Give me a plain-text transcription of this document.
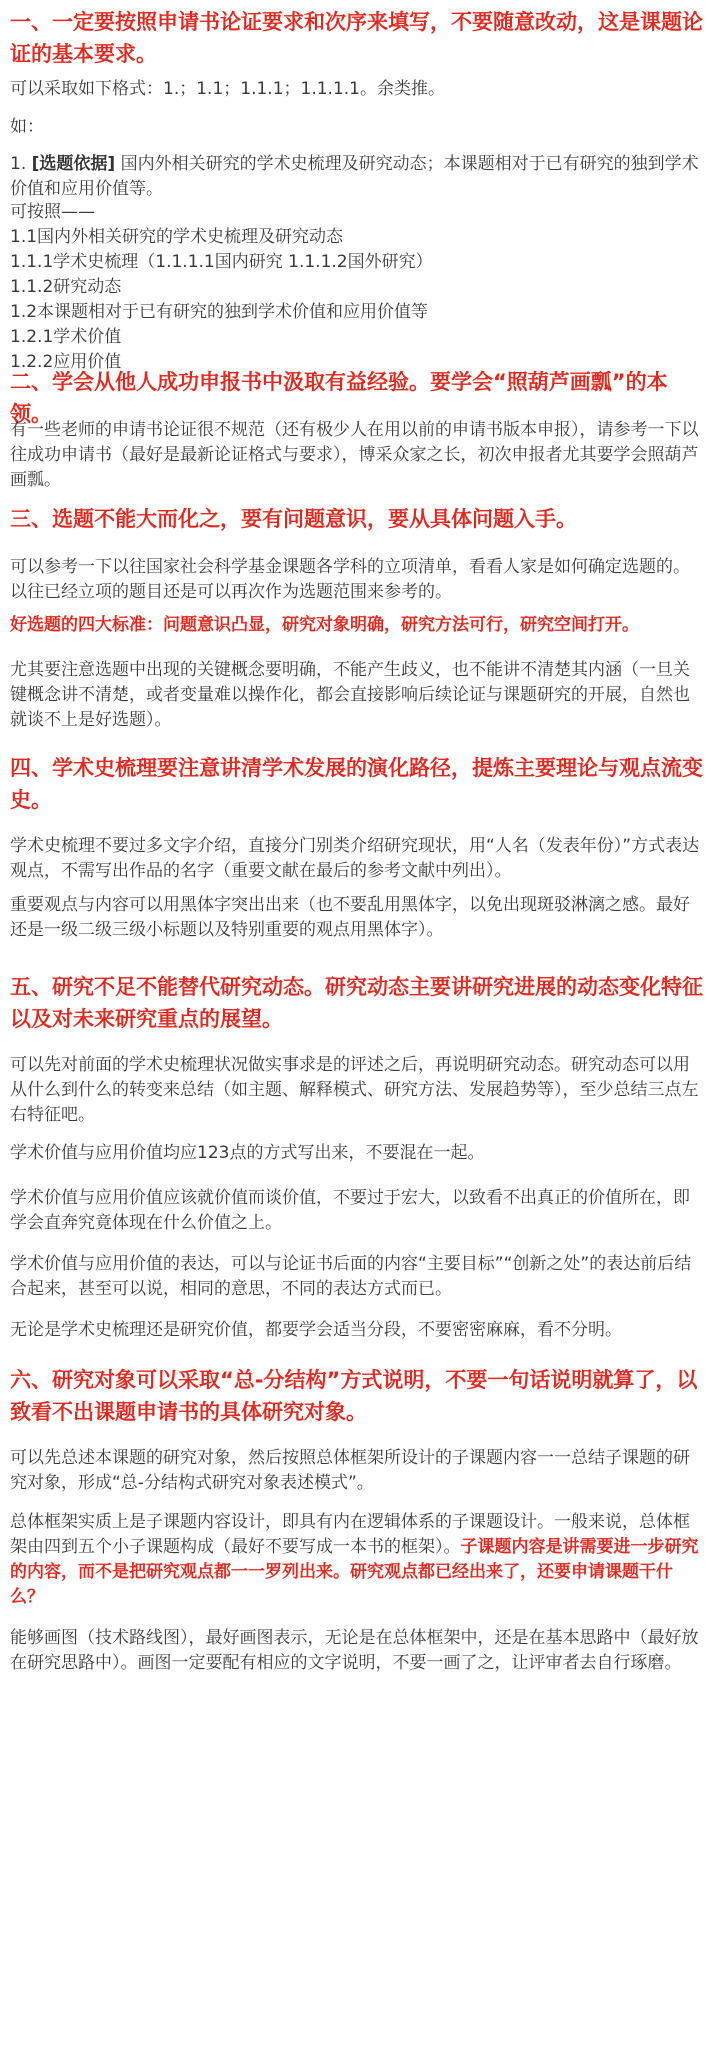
一、一定要按照申请书论证要求和次序来填写，不要随意改动，这是课题论证的基本要求。
可以采取如下格式：1.；1.1；1.1.1；1.1.1.1。余类推。
如：
1. [选题依据] 国内外相关研究的学术史梳理及研究动态；本课题相对于已有研究的独到学术价值和应用价值等。
可按照——
1.1国内外相关研究的学术史梳理及研究动态
1.1.1学术史梳理（1.1.1.1国内研究 1.1.1.2国外研究）
1.1.2研究动态
1.2本课题相对于已有研究的独到学术价值和应用价值等
1.2.1学术价值
1.2.2应用价值
二、学会从他人成功申报书中汲取有益经验。要学会“照葫芦画瓢”的本领。
有一些老师的申请书论证很不规范（还有极少人在用以前的申请书版本申报），请参考一下以往成功申请书（最好是最新论证格式与要求），博采众家之长，初次申报者尤其要学会照葫芦画瓢。
三、选题不能大而化之，要有问题意识，要从具体问题入手。
可以参考一下以往国家社会科学基金课题各学科的立项清单，看看人家是如何确定选题的。以往已经立项的题目还是可以再次作为选题范围来参考的。
好选题的四大标准：问题意识凸显，研究对象明确，研究方法可行，研究空间打开。
尤其要注意选题中出现的关键概念要明确，不能产生歧义，也不能讲不清楚其内涵（一旦关键概念讲不清楚，或者变量难以操作化，都会直接影响后续论证与课题研究的开展，自然也就谈不上是好选题）。
四、学术史梳理要注意讲清学术发展的演化路径，提炼主要理论与观点流变史。
学术史梳理不要过多文字介绍，直接分门别类介绍研究现状，用“人名（发表年份）”方式表达观点，不需写出作品的名字（重要文献在最后的参考文献中列出）。
重要观点与内容可以用黑体字突出出来（也不要乱用黑体字，以免出现斑驳淋漓之感。最好还是一级二级三级小标题以及特别重要的观点用黑体字）。
五、研究不足不能替代研究动态。研究动态主要讲研究进展的动态变化特征以及对未来研究重点的展望。
可以先对前面的学术史梳理状况做实事求是的评述之后，再说明研究动态。研究动态可以用从什么到什么的转变来总结（如主题、解释模式、研究方法、发展趋势等），至少总结三点左右特征吧。
学术价值与应用价值均应123点的方式写出来，不要混在一起。
学术价值与应用价值应该就价值而谈价值，不要过于宏大，以致看不出真正的价值所在，即学会直奔究竟体现在什么价值之上。
学术价值与应用价值的表达，可以与论证书后面的内容“主要目标”“创新之处”的表达前后结合起来，甚至可以说，相同的意思，不同的表达方式而已。
无论是学术史梳理还是研究价值，都要学会适当分段，不要密密麻麻，看不分明。
六、研究对象可以采取“总-分结构”方式说明，不要一句话说明就算了，以致看不出课题申请书的具体研究对象。
可以先总述本课题的研究对象，然后按照总体框架所设计的子课题内容一一总结子课题的研究对象，形成“总-分结构式研究对象表述模式”。
总体框架实质上是子课题内容设计，即具有内在逻辑体系的子课题设计。一般来说，总体框架由四到五个小子课题构成（最好不要写成一本书的框架）。子课题内容是讲需要进一步研究的内容，而不是把研究观点都一一罗列出来。研究观点都已经出来了，还要申请课题干什么？
能够画图（技术路线图），最好画图表示，无论是在总体框架中，还是在基本思路中（最好放在研究思路中）。画图一定要配有相应的文字说明，不要一画了之，让评审者去自行琢磨。
